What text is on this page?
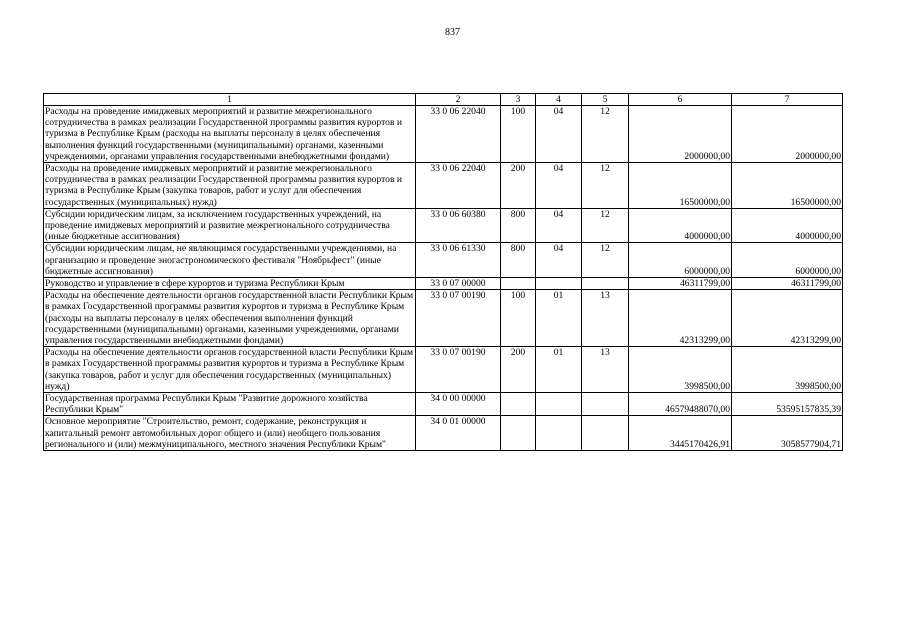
837
1	2	3	4	5	6	7
Расходы на проведение имиджевых мероприятий и развитие межрегионального сотрудничества в рамках реализации Государственной программы развития курортов и туризма в Республике Крым (расходы на выплаты персоналу в целях обеспечения выполнения функций государственными (муниципальными) органами, казенными учреждениями, органами управления государственными внебюджетными фондами)	33 0 06 22040	100	04	12	2000000,00	2000000,00
Расходы на проведение имиджевых мероприятий и развитие межрегионального сотрудничества в рамках реализации Государственной программы развития курортов и туризма в Республике Крым (закупка товаров, работ и услуг для обеспечения государственных (муниципальных) нужд)	33 0 06 22040	200	04	12	16500000,00	16500000,00
Субсидии юридическим лицам, за исключением государственных учреждений, на проведение имиджевых мероприятий и развитие межрегионального сотрудничества (иные бюджетные ассигнования)	33 0 06 60380	800	04	12	4000000,00	4000000,00
Субсидии юридическим лицам, не являющимся государственными учреждениями, на организацию и проведение эногастрономического фестиваля "Ноябрьфест" (иные бюджетные ассигнования)	33 0 06 61330	800	04	12	6000000,00	6000000,00
Руководство и управление в сфере курортов и туризма Республики Крым	33 0 07 00000				46311799,00	46311799,00
Расходы на обеспечение деятельности органов государственной власти Республики Крым в рамках Государственной программы развития курортов и туризма в Республике Крым (расходы на выплаты персоналу в целях обеспечения выполнения функций государственными (муниципальными) органами, казенными учреждениями, органами управления государственными внебюджетными фондами)	33 0 07 00190	100	01	13	42313299,00	42313299,00
Расходы на обеспечение деятельности органов государственной власти Республики Крым в рамках Государственной программы развития курортов и туризма в Республике Крым (закупка товаров, работ и услуг для обеспечения государственных (муниципальных) нужд)	33 0 07 00190	200	01	13	3998500,00	3998500,00
Государственная программа Республики Крым "Развитие дорожного хозяйства Республики Крым"	34 0 00 00000				46579488070,00	53595157835,39
Основное мероприятие "Строительство, ремонт, содержание, реконструкция и капитальный ремонт автомобильных дорог общего и (или) необщего пользования регионального и (или) межмуниципального, местного значения Республики Крым"	34 0 01 00000				3445170426,91	3058577904,71
